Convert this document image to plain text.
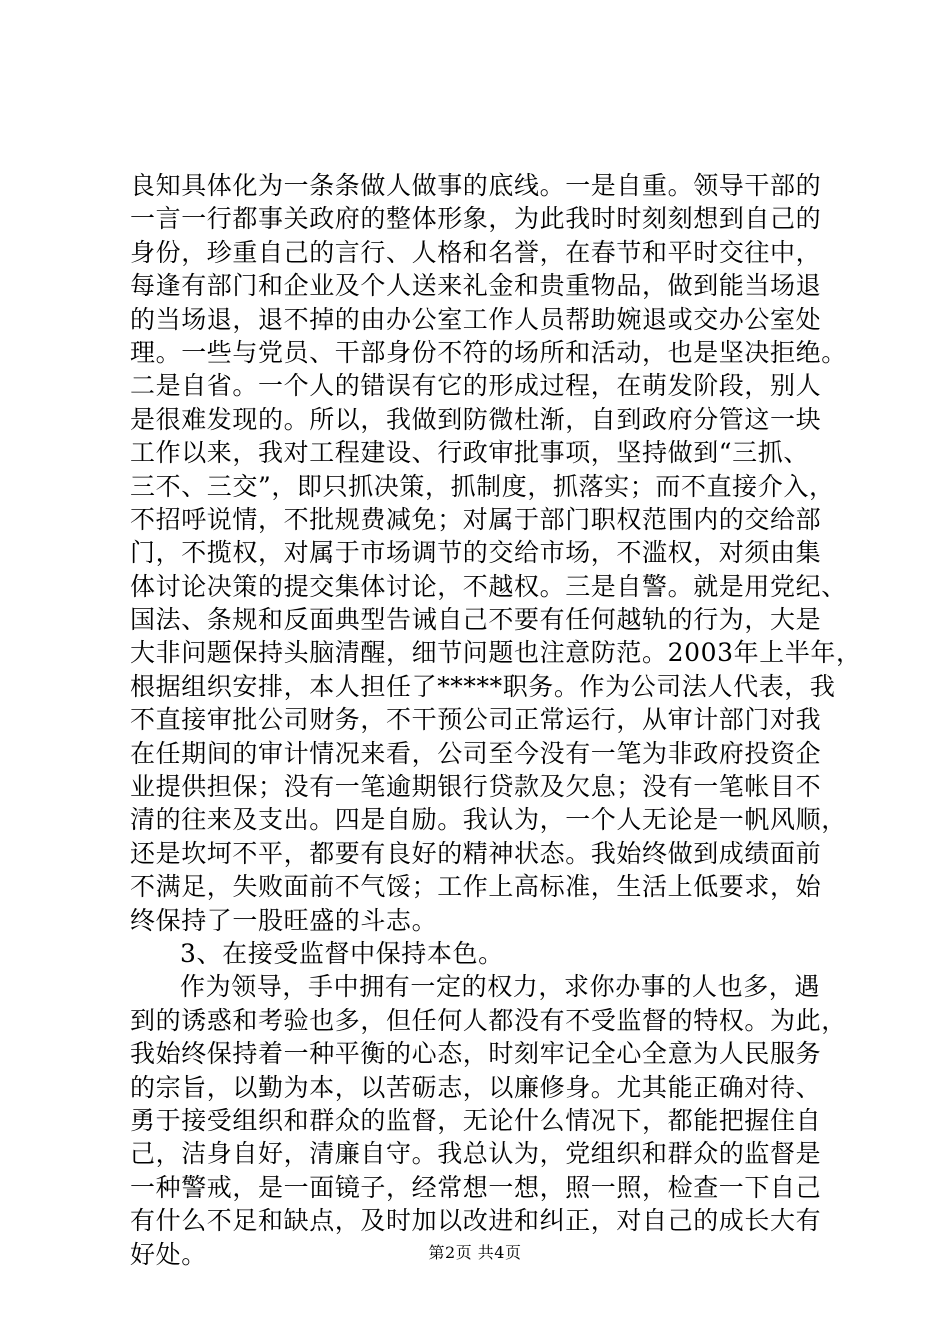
良知具体化为一条条做人做事的底线。一是自重。领导干部的
一言一行都事关政府的整体形象，为此我时时刻刻想到自己的
身份，珍重自己的言行、人格和名誉，在春节和平时交往中，
每逢有部门和企业及个人送来礼金和贵重物品，做到能当场退
的当场退，退不掉的由办公室工作人员帮助婉退或交办公室处
理。一些与党员、干部身份不符的场所和活动，也是坚决拒绝。
二是自省。一个人的错误有它的形成过程，在萌发阶段，别人
是很难发现的。所以，我做到防微杜渐，自到政府分管这一块
工作以来，我对工程建设、行政审批事项，坚持做到“三抓、
三不、三交”，即只抓决策，抓制度，抓落实；而不直接介入，
不招呼说情，不批规费减免；对属于部门职权范围内的交给部
门，不揽权，对属于市场调节的交给市场，不滥权，对须由集
体讨论决策的提交集体讨论，不越权。三是自警。就是用党纪、
国法、条规和反面典型告诫自己不要有任何越轨的行为，大是
大非问题保持头脑清醒，细节问题也注意防范。2003年上半年，
根据组织安排，本人担任了*****职务。作为公司法人代表，我
不直接审批公司财务，不干预公司正常运行，从审计部门对我
在任期间的审计情况来看，公司至今没有一笔为非政府投资企
业提供担保；没有一笔逾期银行贷款及欠息；没有一笔帐目不
清的往来及支出。四是自励。我认为，一个人无论是一帆风顺，
还是坎坷不平，都要有良好的精神状态。我始终做到成绩面前
不满足，失败面前不气馁；工作上高标准，生活上低要求，始
终保持了一股旺盛的斗志。
3、在接受监督中保持本色。
作为领导，手中拥有一定的权力，求你办事的人也多，遇
到的诱惑和考验也多，但任何人都没有不受监督的特权。为此，
我始终保持着一种平衡的心态，时刻牢记全心全意为人民服务
的宗旨，以勤为本，以苦砺志，以廉修身。尤其能正确对待、
勇于接受组织和群众的监督，无论什么情况下，都能把握住自
己，洁身自好，清廉自守。我总认为，党组织和群众的监督是
一种警戒，是一面镜子，经常想一想，照一照，检查一下自己
有什么不足和缺点，及时加以改进和纠正，对自己的成长大有
好处。	第2页 共4页
